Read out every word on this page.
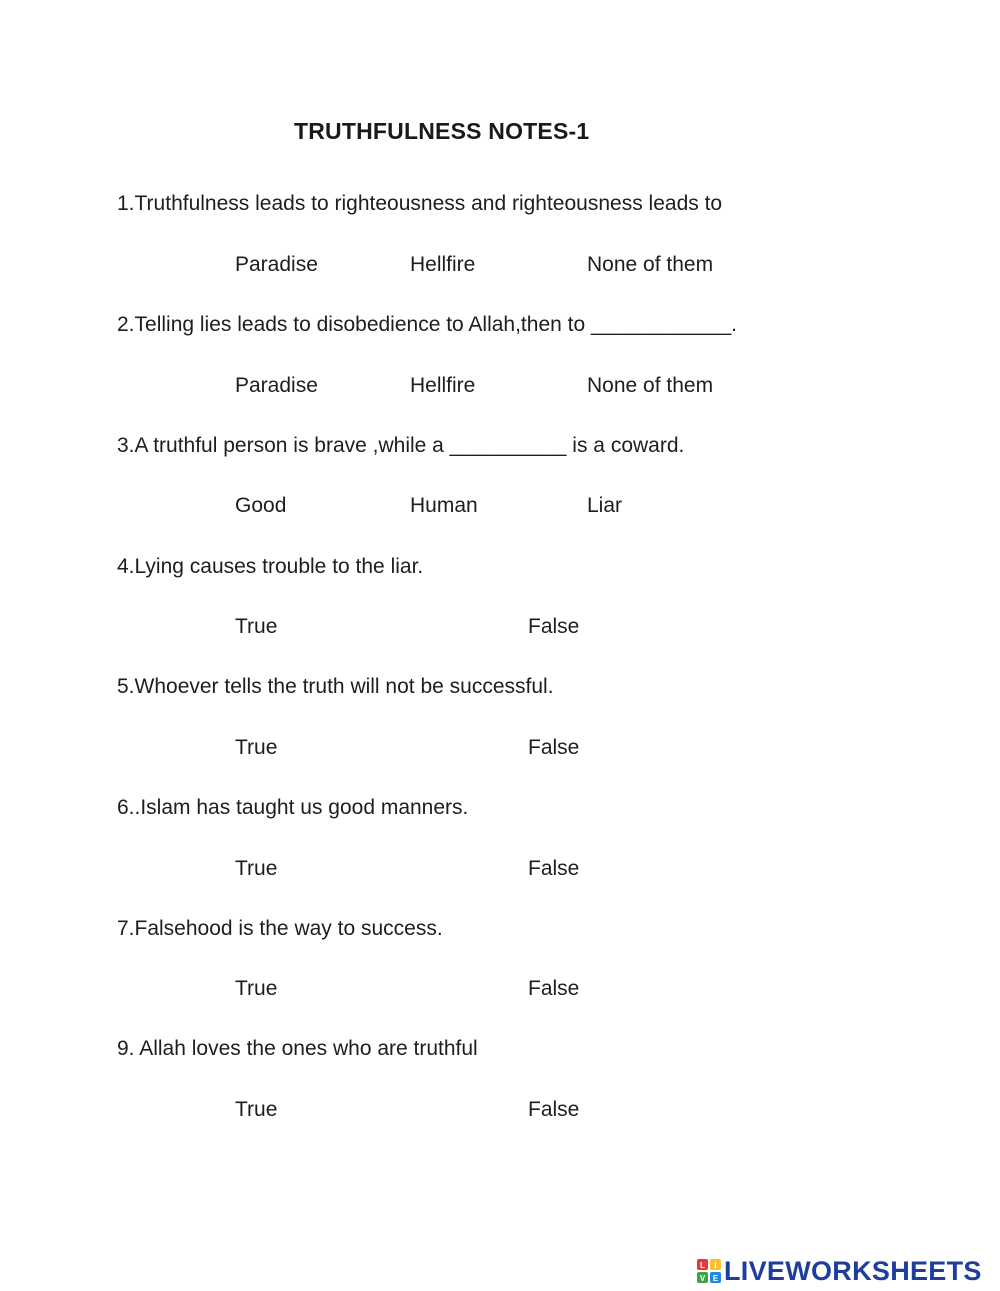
TRUTHFULNESS NOTES-1
1.Truthfulness leads to righteousness and righteousness leads to
Paradise	Hellfire	None of them
2.Telling lies leads to disobedience to Allah,then to ____________.
Paradise	Hellfire	None of them
3.A truthful person is brave ,while a __________ is a coward.
Good	Human	Liar
4.Lying causes trouble to the liar.
True	False
5.Whoever tells the truth will not be successful.
True	False
6..Islam has taught us good manners.
True	False
7.Falsehood is the way to success.
True	False
9. Allah loves the ones who are truthful
True	False
L I
V E LIVEWORKSHEETS
